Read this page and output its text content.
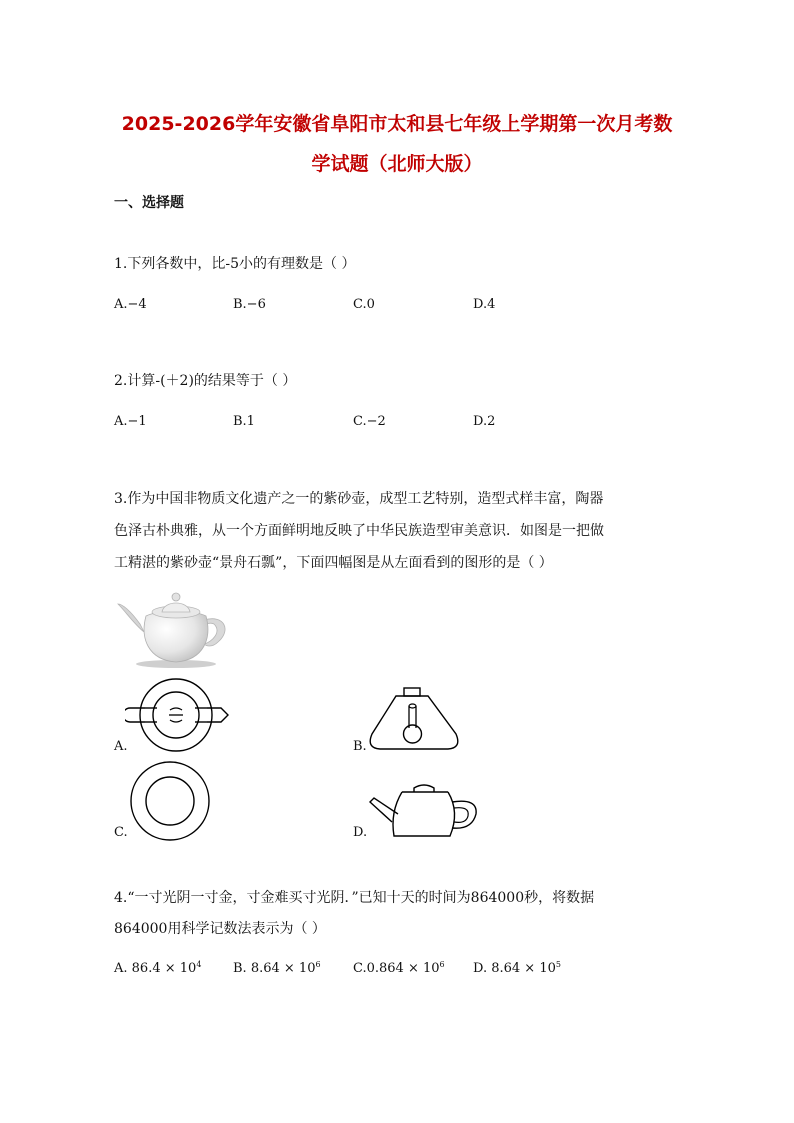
2025-2026学年安徽省阜阳市太和县七年级上学期第一次月考数
学试题（北师大版）
一、选择题
1.下列各数中，比-5小的有理数是（ ）
A.−4	B.−6	C.0	D.4
2.计算-(＋2)的结果等于（ ）
A.−1	B.1	C.−2	D.2
3.作为中国非物质文化遗产之一的紫砂壶，成型工艺特别，造型式样丰富，陶器
色泽古朴典雅，从一个方面鲜明地反映了中华民族造型审美意识．如图是一把做
工精湛的紫砂壶“景舟石瓢”，下面四幅图是从左面看到的图形的是（ ）
A.	B.
C.	D.
4.“一寸光阴一寸金，寸金难买寸光阴．”已知十天的时间为864000秒，将数据
864000用科学记数法表示为（ ）
A. $86.4 \times 10^4$ B. $8.64 \times 10^6$ $C.0.864 \times 10^6$ D. $8.64 \times 10^5$
